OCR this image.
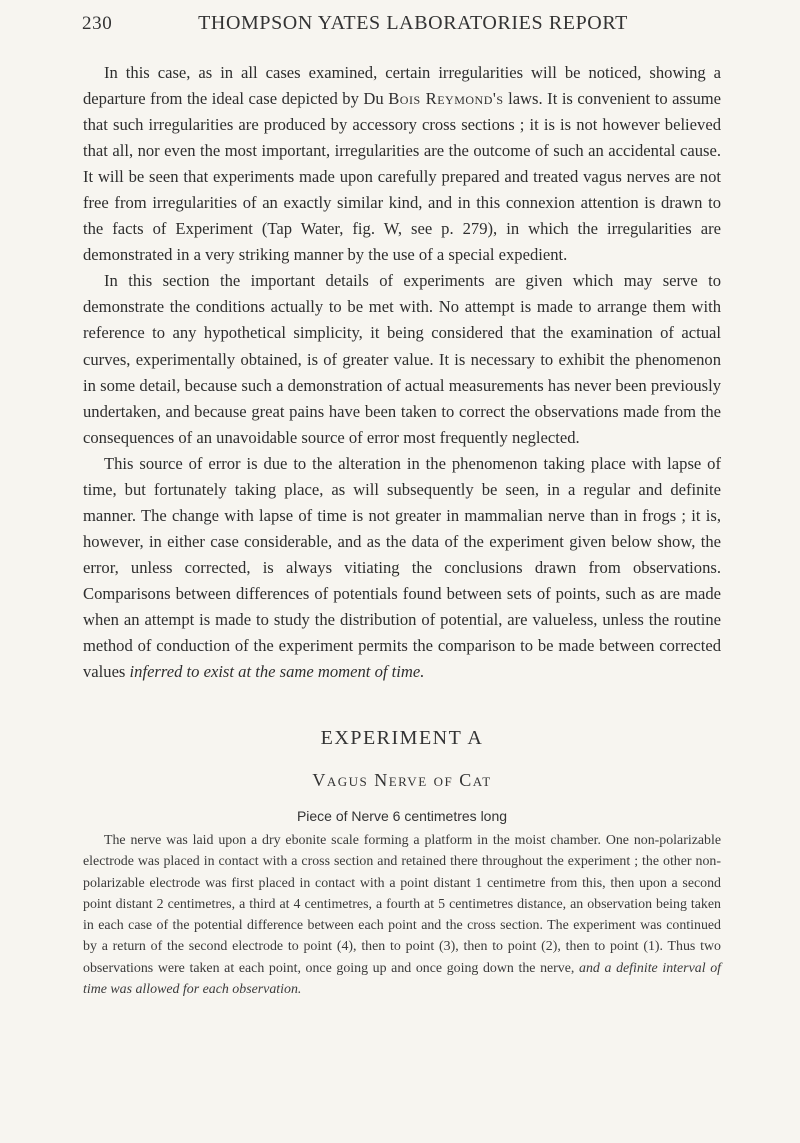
230	THOMPSON YATES LABORATORIES REPORT

In this case, as in all cases examined, certain irregularities will be noticed, showing a departure from the ideal case depicted by Du Bois Reymond's laws. It is convenient to assume that such irregularities are produced by accessory cross sections ; it is is not however believed that all, nor even the most important, irregularities are the outcome of such an accidental cause. It will be seen that experiments made upon carefully prepared and treated vagus nerves are not free from irregularities of an exactly similar kind, and in this connexion attention is drawn to the facts of Experiment (Tap Water, fig. W, see p. 279), in which the irregularities are demonstrated in a very striking manner by the use of a special expedient.

In this section the important details of experiments are given which may serve to demonstrate the conditions actually to be met with. No attempt is made to arrange them with reference to any hypothetical simplicity, it being considered that the examination of actual curves, experimentally obtained, is of greater value. It is necessary to exhibit the phenomenon in some detail, because such a demonstration of actual measurements has never been previously undertaken, and because great pains have been taken to correct the observations made from the consequences of an unavoidable source of error most frequently neglected.

This source of error is due to the alteration in the phenomenon taking place with lapse of time, but fortunately taking place, as will subsequently be seen, in a regular and definite manner. The change with lapse of time is not greater in mammalian nerve than in frogs ; it is, however, in either case considerable, and as the data of the experiment given below show, the error, unless corrected, is always vitiating the conclusions drawn from observations. Comparisons between differences of potentials found between sets of points, such as are made when an attempt is made to study the distribution of potential, are valueless, unless the routine method of conduction of the experiment permits the comparison to be made between corrected values inferred to exist at the same moment of time.

EXPERIMENT A
Vagus Nerve of Cat
Piece of Nerve 6 centimetres long

The nerve was laid upon a dry ebonite scale forming a platform in the moist chamber. One non-polarizable electrode was placed in contact with a cross section and retained there throughout the experiment ; the other non-polarizable electrode was first placed in contact with a point distant 1 centimetre from this, then upon a second point distant 2 centimetres, a third at 4 centimetres, a fourth at 5 centimetres distance, an observation being taken in each case of the potential difference between each point and the cross section. The experiment was continued by a return of the second electrode to point (4), then to point (3), then to point (2), then to point (1). Thus two observations were taken at each point, once going up and once going down the nerve, and a definite interval of time was allowed for each observation.
